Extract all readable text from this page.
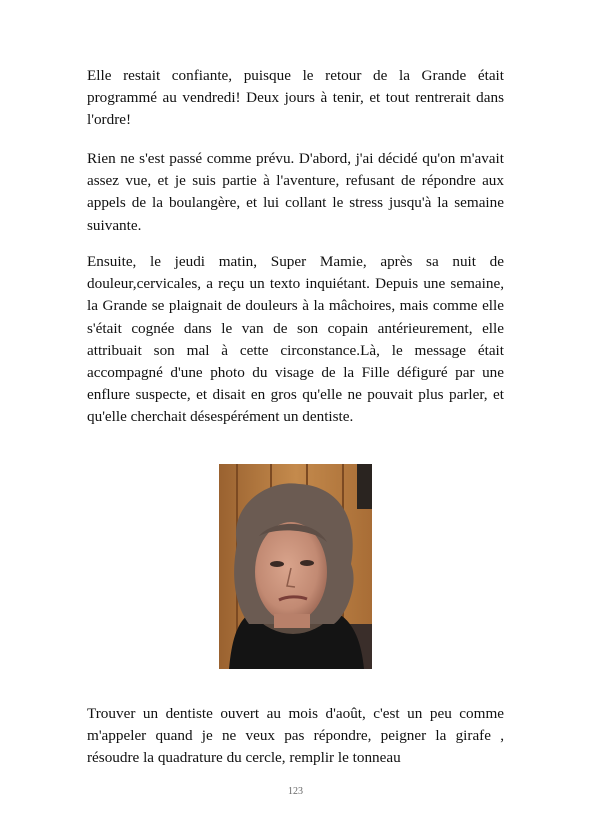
Elle restait confiante, puisque le retour de la Grande était programmé au vendredi! Deux jours à tenir, et tout rentrerait dans l'ordre!

Rien ne s'est passé comme prévu. D'abord, j'ai décidé qu'on m'avait assez vue, et je suis partie à l'aventure, refusant de répondre aux appels de la boulangère, et lui collant le stress jusqu'à la semaine suivante.

Ensuite, le jeudi matin, Super Mamie, après sa nuit de douleur,cervicales, a reçu un texto inquiétant. Depuis une semaine, la Grande se plaignait de douleurs à la mâchoires, mais comme elle s'était cognée dans le van de son copain antérieurement, elle attribuait son mal à cette circonstance.Là, le message était accompagné d'une photo du visage de la Fille défiguré par une enflure suspecte, et disait en gros qu'elle ne pouvait plus parler, et qu'elle cherchait désespérément un dentiste.

Trouver un dentiste ouvert au mois d'août, c'est un peu comme m'appeler quand je ne veux pas répondre, peigner la girafe , résoudre la quadrature du cercle, remplir le tonneau

123
